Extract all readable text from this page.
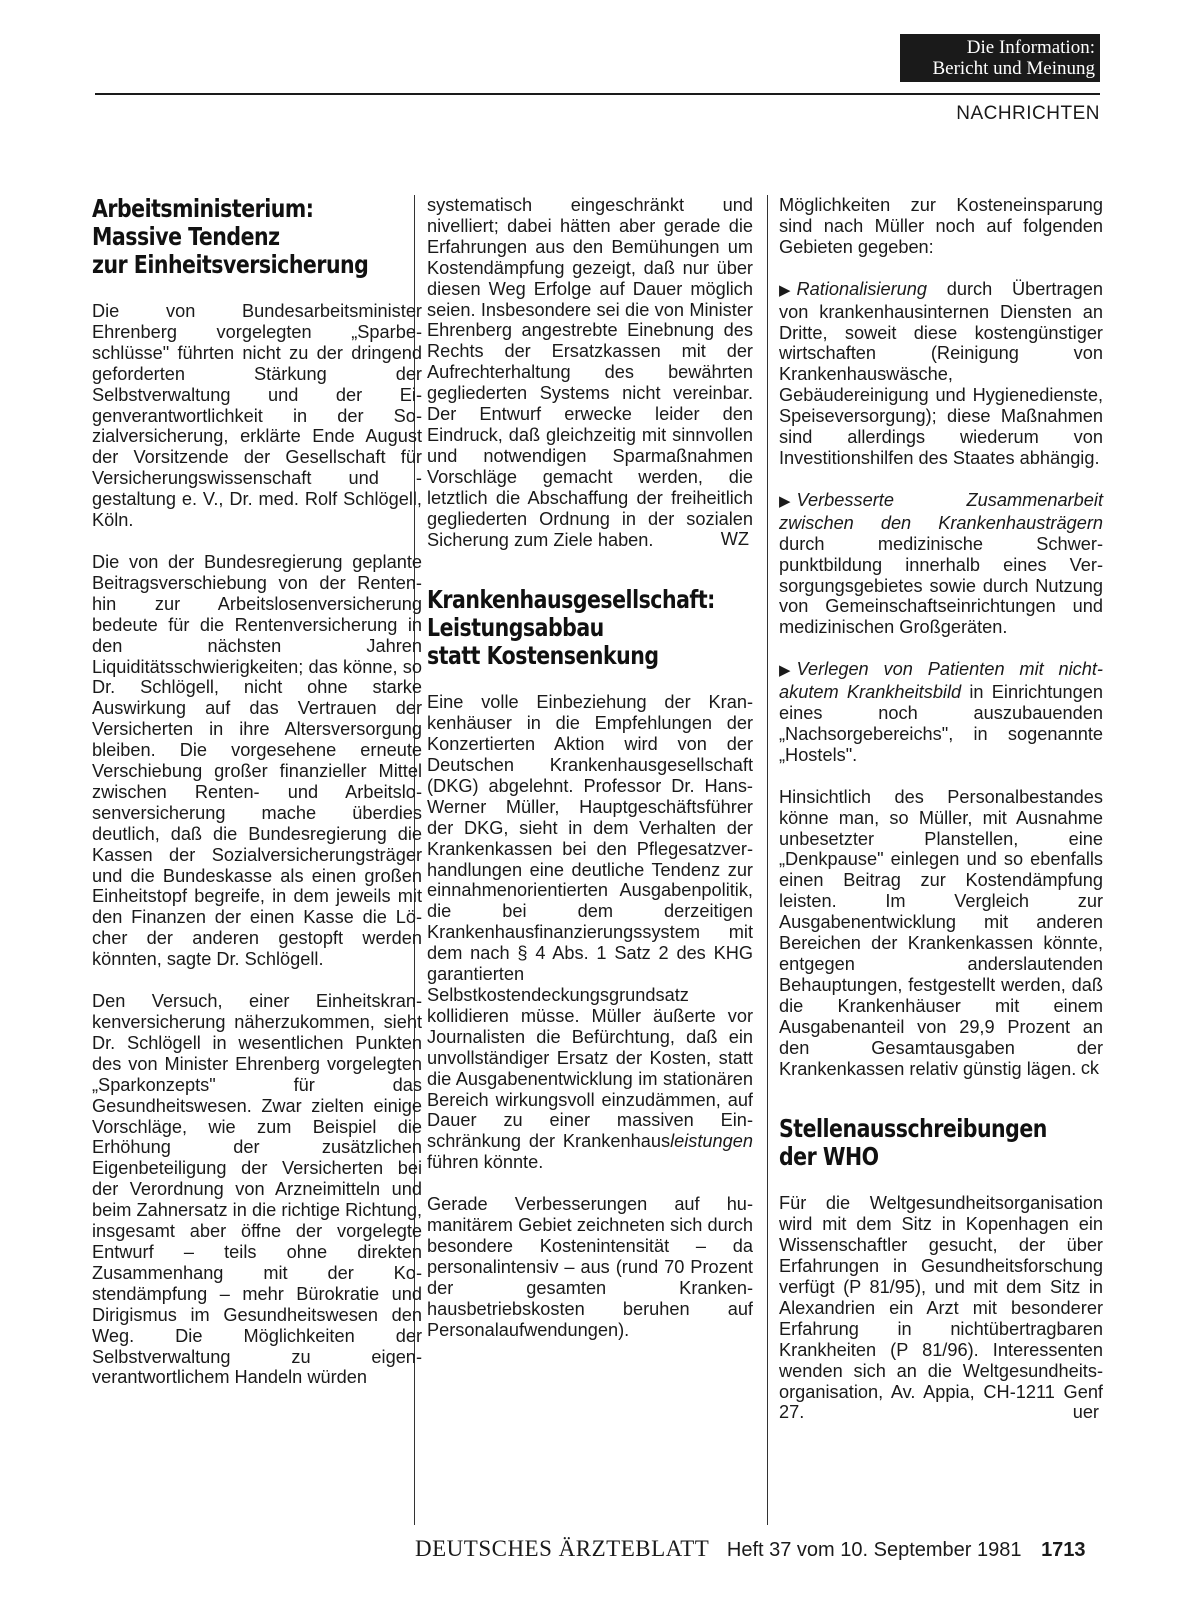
Die Information:
Bericht und Meinung
NACHRICHTEN
Arbeitsministerium:
Massive Tendenz
zur Einheitsversicherung

Die von Bundesarbeitsminister Ehrenberg vorgelegten „Sparbeschlüsse" führten nicht zu der dringend geforderten Stärkung der Selbstverwaltung und der Eigenverantwortlichkeit in der Sozialversicherung, erklärte Ende August der Vorsitzende der Gesellschaft für Versicherungswissenschaft und -gestaltung e. V., Dr. med. Rolf Schlögell, Köln.

Die von der Bundesregierung geplante Beitragsverschiebung von der Renten- hin zur Arbeitslosenversicherung bedeute für die Rentenversicherung in den nächsten Jahren Liquiditätsschwierigkeiten; das könne, so Dr. Schlögell, nicht ohne starke Auswirkung auf das Vertrauen der Versicherten in ihre Altersversorgung bleiben. Die vorgesehene erneute Verschiebung großer finanzieller Mittel zwischen Renten- und Arbeitslosenversicherung mache überdies deutlich, daß die Bundesregierung die Kassen der Sozialversicherungsträger und die Bundeskasse als einen großen Einheitstopf begreife, in dem jeweils mit den Finanzen der einen Kasse die Löcher der anderen gestopft werden könnten, sagte Dr. Schlögell.

Den Versuch, einer Einheitskrankenversicherung näherzukommen, sieht Dr. Schlögell in wesentlichen Punkten des von Minister Ehrenberg vorgelegten „Sparkonzepts" für das Gesundheitswesen. Zwar zielten einige Vorschläge, wie zum Beispiel die Erhöhung der zusätzlichen Eigenbeteiligung der Versicherten bei der Verordnung von Arzneimitteln und beim Zahnersatz in die richtige Richtung, insgesamt aber öffne der vorgelegte Entwurf – teils ohne direkten Zusammenhang mit der Kostendämpfung – mehr Bürokratie und Dirigismus im Gesundheitswesen den Weg. Die Möglichkeiten der Selbstverwaltung zu eigenverantwortlichem Handeln würden

systematisch eingeschränkt und nivelliert; dabei hätten aber gerade die Erfahrungen aus den Bemühungen um Kostendämpfung gezeigt, daß nur über diesen Weg Erfolge auf Dauer möglich seien. Insbesondere sei die von Minister Ehrenberg angestrebte Einebnung des Rechts der Ersatzkassen mit der Aufrechterhaltung des bewährten gegliederten Systems nicht vereinbar. Der Entwurf erwecke leider den Eindruck, daß gleichzeitig mit sinnvollen und notwendigen Sparmaßnahmen Vorschläge gemacht werden, die letztlich die Abschaffung der freiheitlich gegliederten Ordnung in der sozialen Sicherung zum Ziele haben.	WZ
Krankenhausgesellschaft:
Leistungsabbau
statt Kostensenkung

Eine volle Einbeziehung der Krankenhäuser in die Empfehlungen der Konzertierten Aktion wird von der Deutschen Krankenhausgesellschaft (DKG) abgelehnt. Professor Dr. Hans-Werner Müller, Hauptgeschäftsführer der DKG, sieht in dem Verhalten der Krankenkassen bei den Pflegesatzverhandlungen eine deutliche Tendenz zur einnahmenorientierten Ausgabenpolitik, die bei dem derzeitigen Krankenhausfinanzierungssystem mit dem nach § 4 Abs. 1 Satz 2 des KHG garantierten Selbstkostendeckungsgrundsatz kollidieren müsse. Müller äußerte vor Journalisten die Befürchtung, daß ein unvollständiger Ersatz der Kosten, statt die Ausgabenentwicklung im stationären Bereich wirkungsvoll einzudämmen, auf Dauer zu einer massiven Einschränkung der Krankenhausleistungen führen könnte.

Gerade Verbesserungen auf humanitärem Gebiet zeichneten sich durch besondere Kostenintensität – da personalintensiv – aus (rund 70 Prozent der gesamten Krankenhausbetriebskosten beruhen auf Personalaufwendungen).

Möglichkeiten zur Kosteneinsparung sind nach Müller noch auf folgenden Gebieten gegeben:

▶ Rationalisierung durch Übertragen von krankenhausinternen Diensten an Dritte, soweit diese kostengünstiger wirtschaften (Reinigung von Krankenhauswäsche, Gebäudereinigung und Hygienedienste, Speiseversorgung); diese Maßnahmen sind allerdings wiederum von Investitionshilfen des Staates abhängig.

▶ Verbesserte Zusammenarbeit zwischen den Krankenhausträgern durch medizinische Schwerpunktbildung innerhalb eines Versorgungsgebietes sowie durch Nutzung von Gemeinschaftseinrichtungen und medizinischen Großgeräten.

▶ Verlegen von Patienten mit nicht-akutem Krankheitsbild in Einrichtungen eines noch auszubauenden „Nachsorgebereichs", in sogenannte „Hostels".

Hinsichtlich des Personalbestandes könne man, so Müller, mit Ausnahme unbesetzter Planstellen, eine „Denkpause" einlegen und so ebenfalls einen Beitrag zur Kostendämpfung leisten. Im Vergleich zur Ausgabenentwicklung mit anderen Bereichen der Krankenkassen könnte, entgegen anderslautenden Behauptungen, festgestellt werden, daß die Krankenhäuser mit einem Ausgabenanteil von 29,9 Prozent an den Gesamtausgaben der Krankenkassen relativ günstig lägen. ck
Stellenausschreibungen
der WHO

Für die Weltgesundheitsorganisation wird mit dem Sitz in Kopenhagen ein Wissenschaftler gesucht, der über Erfahrungen in Gesundheitsforschung verfügt (P 81/95), und mit dem Sitz in Alexandrien ein Arzt mit besonderer Erfahrung in nichtübertragbaren Krankheiten (P 81/96). Interessenten wenden sich an die Weltgesundheitsorganisation, Av. Appia, CH-1211 Genf 27.	uer
DEUTSCHES ÄRZTEBLATT Heft 37 vom 10. September 1981 1713
